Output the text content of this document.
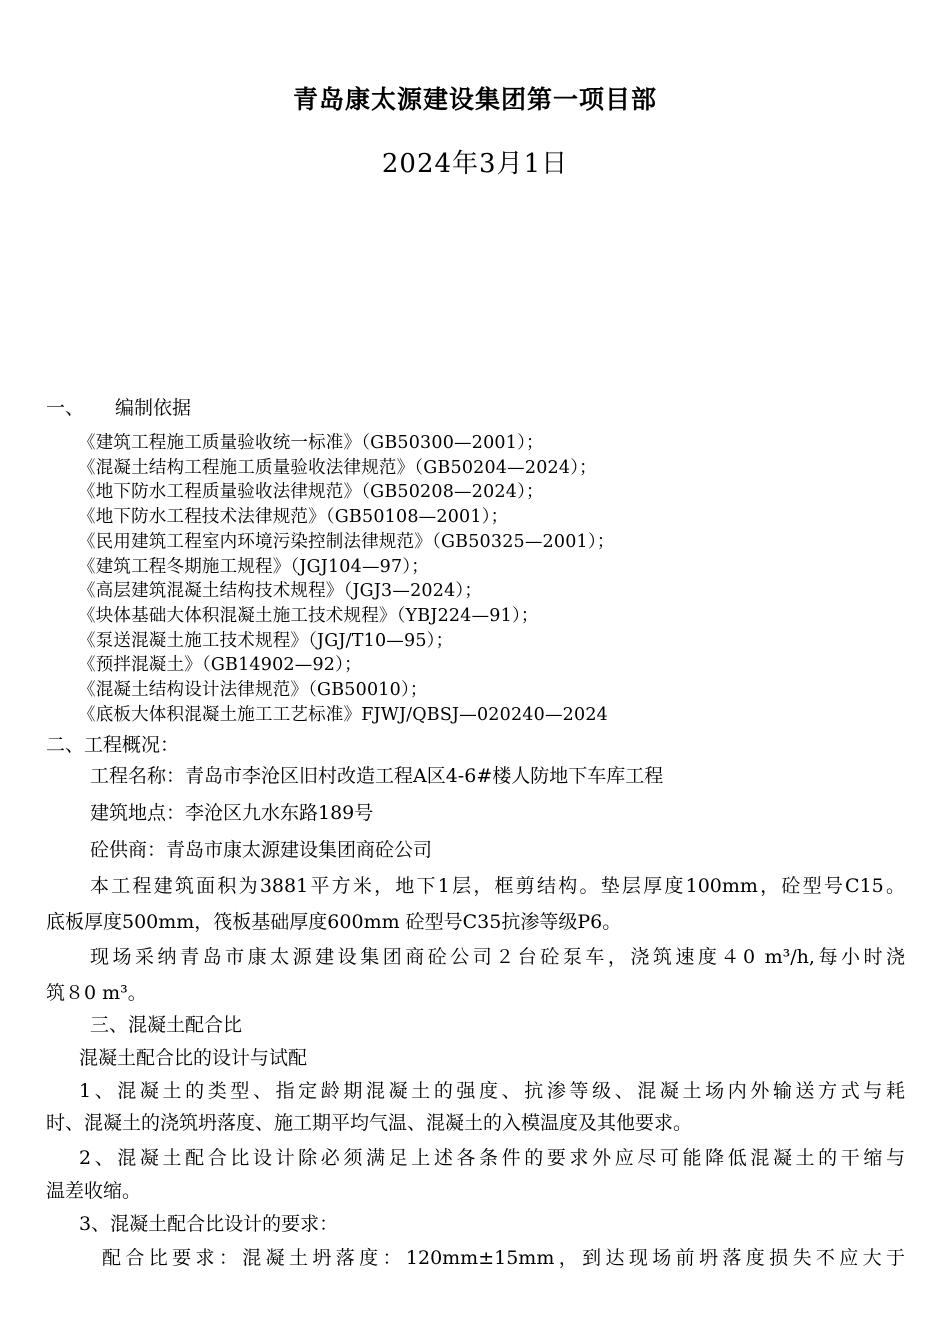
青岛康太源建设集团第一项目部
2024年3月1日
一、 编制依据
《建筑工程施工质量验收统一标准》（GB50300—2001）；
《混凝土结构工程施工质量验收法律规范》（GB50204—2024）；
《地下防水工程质量验收法律规范》（GB50208—2024）；
《地下防水工程技术法律规范》（GB50108—2001）；
《民用建筑工程室内环境污染控制法律规范》（GB50325—2001）；
《建筑工程冬期施工规程》（JGJ104—97）；
《高层建筑混凝土结构技术规程》（JGJ3—2024）；
《块体基础大体积混凝土施工技术规程》（YBJ224—91）；
《泵送混凝土施工技术规程》（JGJ/T10—95）；
《预拌混凝土》（GB14902—92）；
《混凝土结构设计法律规范》（GB50010）；
《底板大体积混凝土施工工艺标准》FJWJ/QBSJ—020240—2024
二、工程概况：
工程名称：青岛市李沧区旧村改造工程A区4-6#楼人防地下车库工程
建筑地点：李沧区九水东路189号
砼供商：青岛市康太源建设集团商砼公司
本工程建筑面积为3881平方米，地下1层，框剪结构。垫层厚度100mm，砼型号C15。
底板厚度500mm，筏板基础厚度600mm 砼型号C35抗渗等级P6。
现场采纳青岛市康太源建设集团商砼公司２台砼泵车，浇筑速度４0 m³/h,每小时浇
筑８0 m³。
三、混凝土配合比
混凝土配合比的设计与试配
1、混凝土的类型、指定龄期混凝土的强度、抗渗等级、混凝土场内外输送方式与耗
时、混凝土的浇筑坍落度、施工期平均气温、混凝土的入模温度及其他要求。
2、混凝土配合比设计除必须满足上述各条件的要求外应尽可能降低混凝土的干缩与
温差收缩。
3、混凝土配合比设计的要求：
配合比要求：混凝土坍落度：120mm±15mm，到达现场前坍落度损失不应大于
